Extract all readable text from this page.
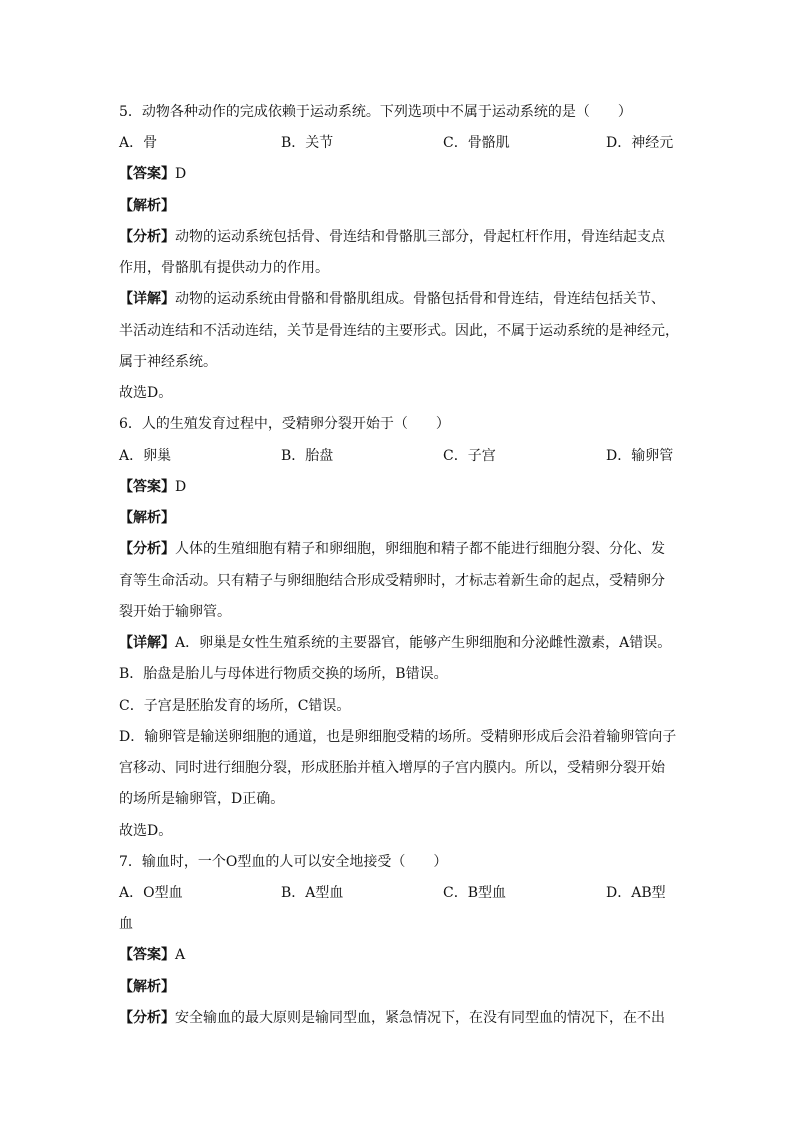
5．动物各种动作的完成依赖于运动系统。下列选项中不属于运动系统的是（　　）
A．骨	B．关节	C．骨骼肌	D．神经元
【答案】D
【解析】
【分析】动物的运动系统包括骨、骨连结和骨骼肌三部分，骨起杠杆作用，骨连结起支点
作用，骨骼肌有提供动力的作用。
【详解】动物的运动系统由骨骼和骨骼肌组成。骨骼包括骨和骨连结，骨连结包括关节、
半活动连结和不活动连结，关节是骨连结的主要形式。因此，不属于运动系统的是神经元，
属于神经系统。
故选D。
6．人的生殖发育过程中，受精卵分裂开始于（　　）
A．卵巢	B．胎盘	C．子宫	D．输卵管
【答案】D
【解析】
【分析】人体的生殖细胞有精子和卵细胞，卵细胞和精子都不能进行细胞分裂、分化、发
育等生命活动。只有精子与卵细胞结合形成受精卵时，才标志着新生命的起点，受精卵分
裂开始于输卵管。
【详解】A．卵巢是女性生殖系统的主要器官，能够产生卵细胞和分泌雌性激素，A错误。
B．胎盘是胎儿与母体进行物质交换的场所，B错误。
C．子宫是胚胎发育的场所，C错误。
D．输卵管是输送卵细胞的通道，也是卵细胞受精的场所。受精卵形成后会沿着输卵管向子
宫移动、同时进行细胞分裂，形成胚胎并植入增厚的子宫内膜内。所以，受精卵分裂开始
的场所是输卵管，D正确。
故选D。
7．输血时，一个O型血的人可以安全地接受（　　）
A．O型血	B．A型血	C．B型血	D．AB型
血
【答案】A
【解析】
【分析】安全输血的最大原则是输同型血，紧急情况下，在没有同型血的情况下，在不出
